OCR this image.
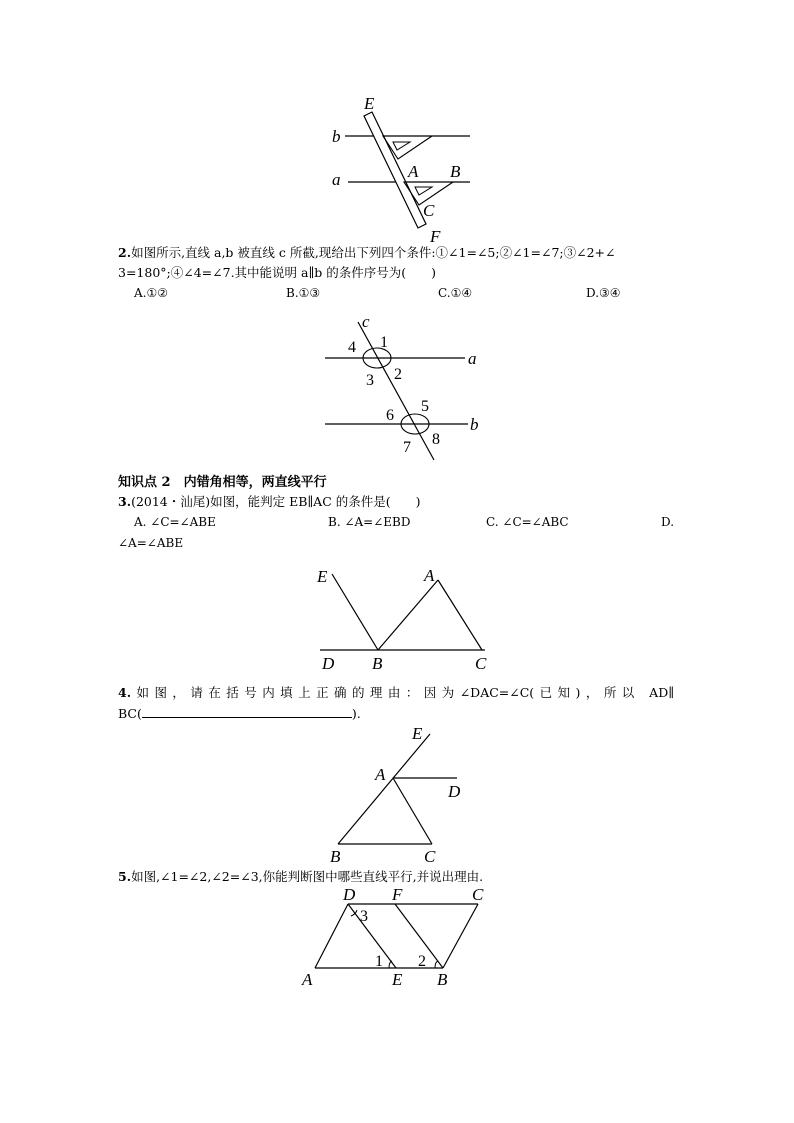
E
b
a	A B
C
F
2.如图所示,直线 a,b 被直线 c 所截,现给出下列四个条件:①∠1=∠5;②∠1=∠7;③∠2+∠
3=180°;④∠4=∠7.其中能说明 a∥b 的条件序号为(　　)
A.①②	B.①③	C.①④	D.③④
c
a
b
1
4
3 2
5
6
7 8
知识点 2　内错角相等，两直线平行
3.(2014・汕尾)如图，能判定 EB∥AC 的条件是(　　)
A. ∠C=∠ABE	B. ∠A=∠EBD	C. ∠C=∠ABC	D.
∠A=∠ABE
E	A
D B	C
4.如图，请在括号内填上正确的理由：因为∠DAC=∠C(已知)，所以 AD∥
BC(	).
E
A
D
B	C
5.如图,∠1=∠2,∠2=∠3,你能判断图中哪些直线平行,并说出理由.
D F	C
3
1 2
A	E B
